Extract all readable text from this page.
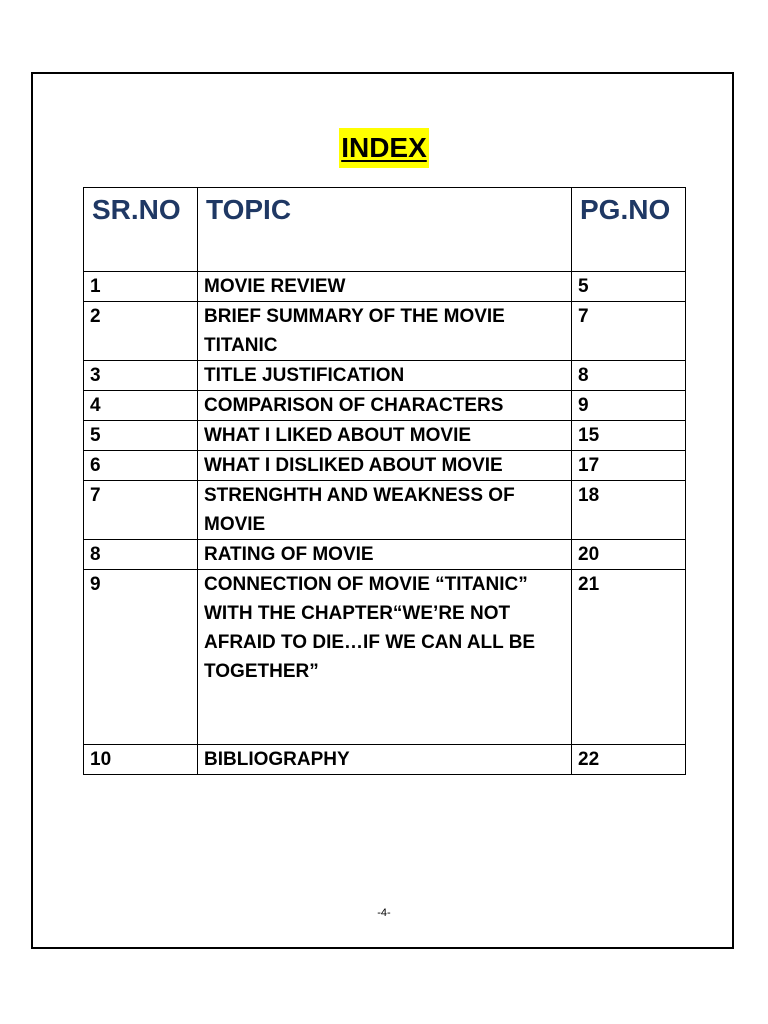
INDEX
SR.NO	TOPIC	PG.NO
1	MOVIE REVIEW	5
2	BRIEF SUMMARY OF THE MOVIE TITANIC	7
3	TITLE JUSTIFICATION	8
4	COMPARISON OF CHARACTERS	9
5	WHAT I LIKED ABOUT MOVIE	15
6	WHAT I DISLIKED ABOUT MOVIE	17
7	STRENGHTH AND WEAKNESS OF MOVIE	18
8	RATING OF MOVIE	20
9	CONNECTION OF MOVIE “TITANIC” WITH THE CHAPTER“WE’RE NOT AFRAID TO DIE…IF WE CAN ALL BE TOGETHER”	21
10	BIBLIOGRAPHY	22
-4-
